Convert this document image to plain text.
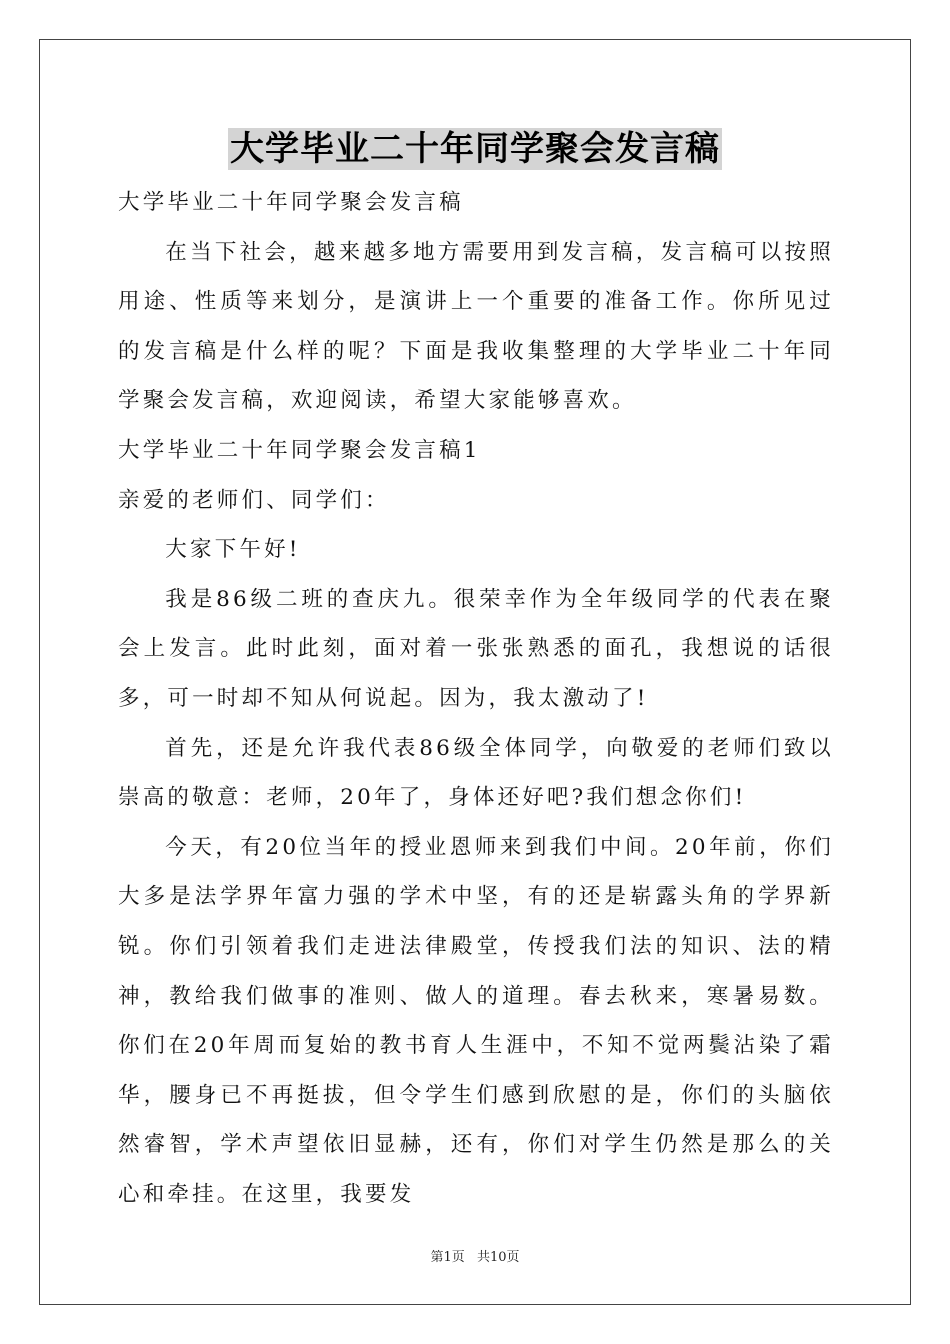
大学毕业二十年同学聚会发言稿

大学毕业二十年同学聚会发言稿

在当下社会，越来越多地方需要用到发言稿，发言稿可以按照用途、性质等来划分，是演讲上一个重要的准备工作。你所见过的发言稿是什么样的呢？下面是我收集整理的大学毕业二十年同学聚会发言稿，欢迎阅读，希望大家能够喜欢。

大学毕业二十年同学聚会发言稿1

亲爱的老师们、同学们：

大家下午好!

我是86级二班的查庆九。很荣幸作为全年级同学的代表在聚会上发言。此时此刻，面对着一张张熟悉的面孔，我想说的话很多，可一时却不知从何说起。因为，我太激动了!

首先，还是允许我代表86级全体同学，向敬爱的老师们致以崇高的敬意：老师，20年了，身体还好吧?我们想念你们!

今天，有20位当年的授业恩师来到我们中间。20年前，你们大多是法学界年富力强的学术中坚，有的还是崭露头角的学界新锐。你们引领着我们走进法律殿堂，传授我们法的知识、法的精神，教给我们做事的准则、做人的道理。春去秋来，寒暑易数。你们在20年周而复始的教书育人生涯中，不知不觉两鬓沾染了霜华，腰身已不再挺拔，但令学生们感到欣慰的是，你们的头脑依然睿智，学术声望依旧显赫，还有，你们对学生仍然是那么的关心和牵挂。在这里，我要发

第1页 共10页
